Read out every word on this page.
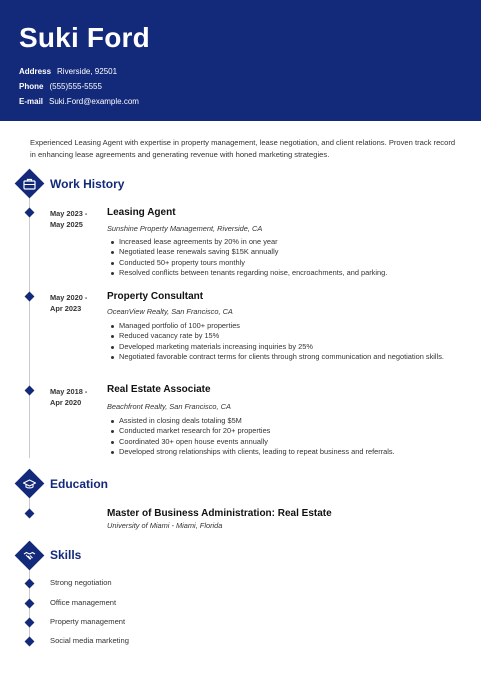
Suki Ford
Address Riverside, 92501
Phone (555)555-5555
E-mail Suki.Ford@example.com
Experienced Leasing Agent with expertise in property management, lease negotiation, and client relations. Proven track record in enhancing lease agreements and generating revenue with honed marketing strategies.
Work History
May 2023 -
May 2025
Leasing Agent
Sunshine Property Management, Riverside, CA
Increased lease agreements by 20% in one year
Negotiated lease renewals saving $15K annually
Conducted 50+ property tours monthly
Resolved conflicts between tenants regarding noise, encroachments, and parking.
May 2020 -
Apr 2023
Property Consultant
OceanView Realty, San Francisco, CA
Managed portfolio of 100+ properties
Reduced vacancy rate by 15%
Developed marketing materials increasing inquiries by 25%
Negotiated favorable contract terms for clients through strong communication and negotiation skills.
May 2018 -
Apr 2020
Real Estate Associate
Beachfront Realty, San Francisco, CA
Assisted in closing deals totaling $5M
Conducted market research for 20+ properties
Coordinated 30+ open house events annually
Developed strong relationships with clients, leading to repeat business and referrals.
Education
Master of Business Administration: Real Estate
University of Miami - Miami, Florida
Skills
Strong negotiation
Office management
Property management
Social media marketing
